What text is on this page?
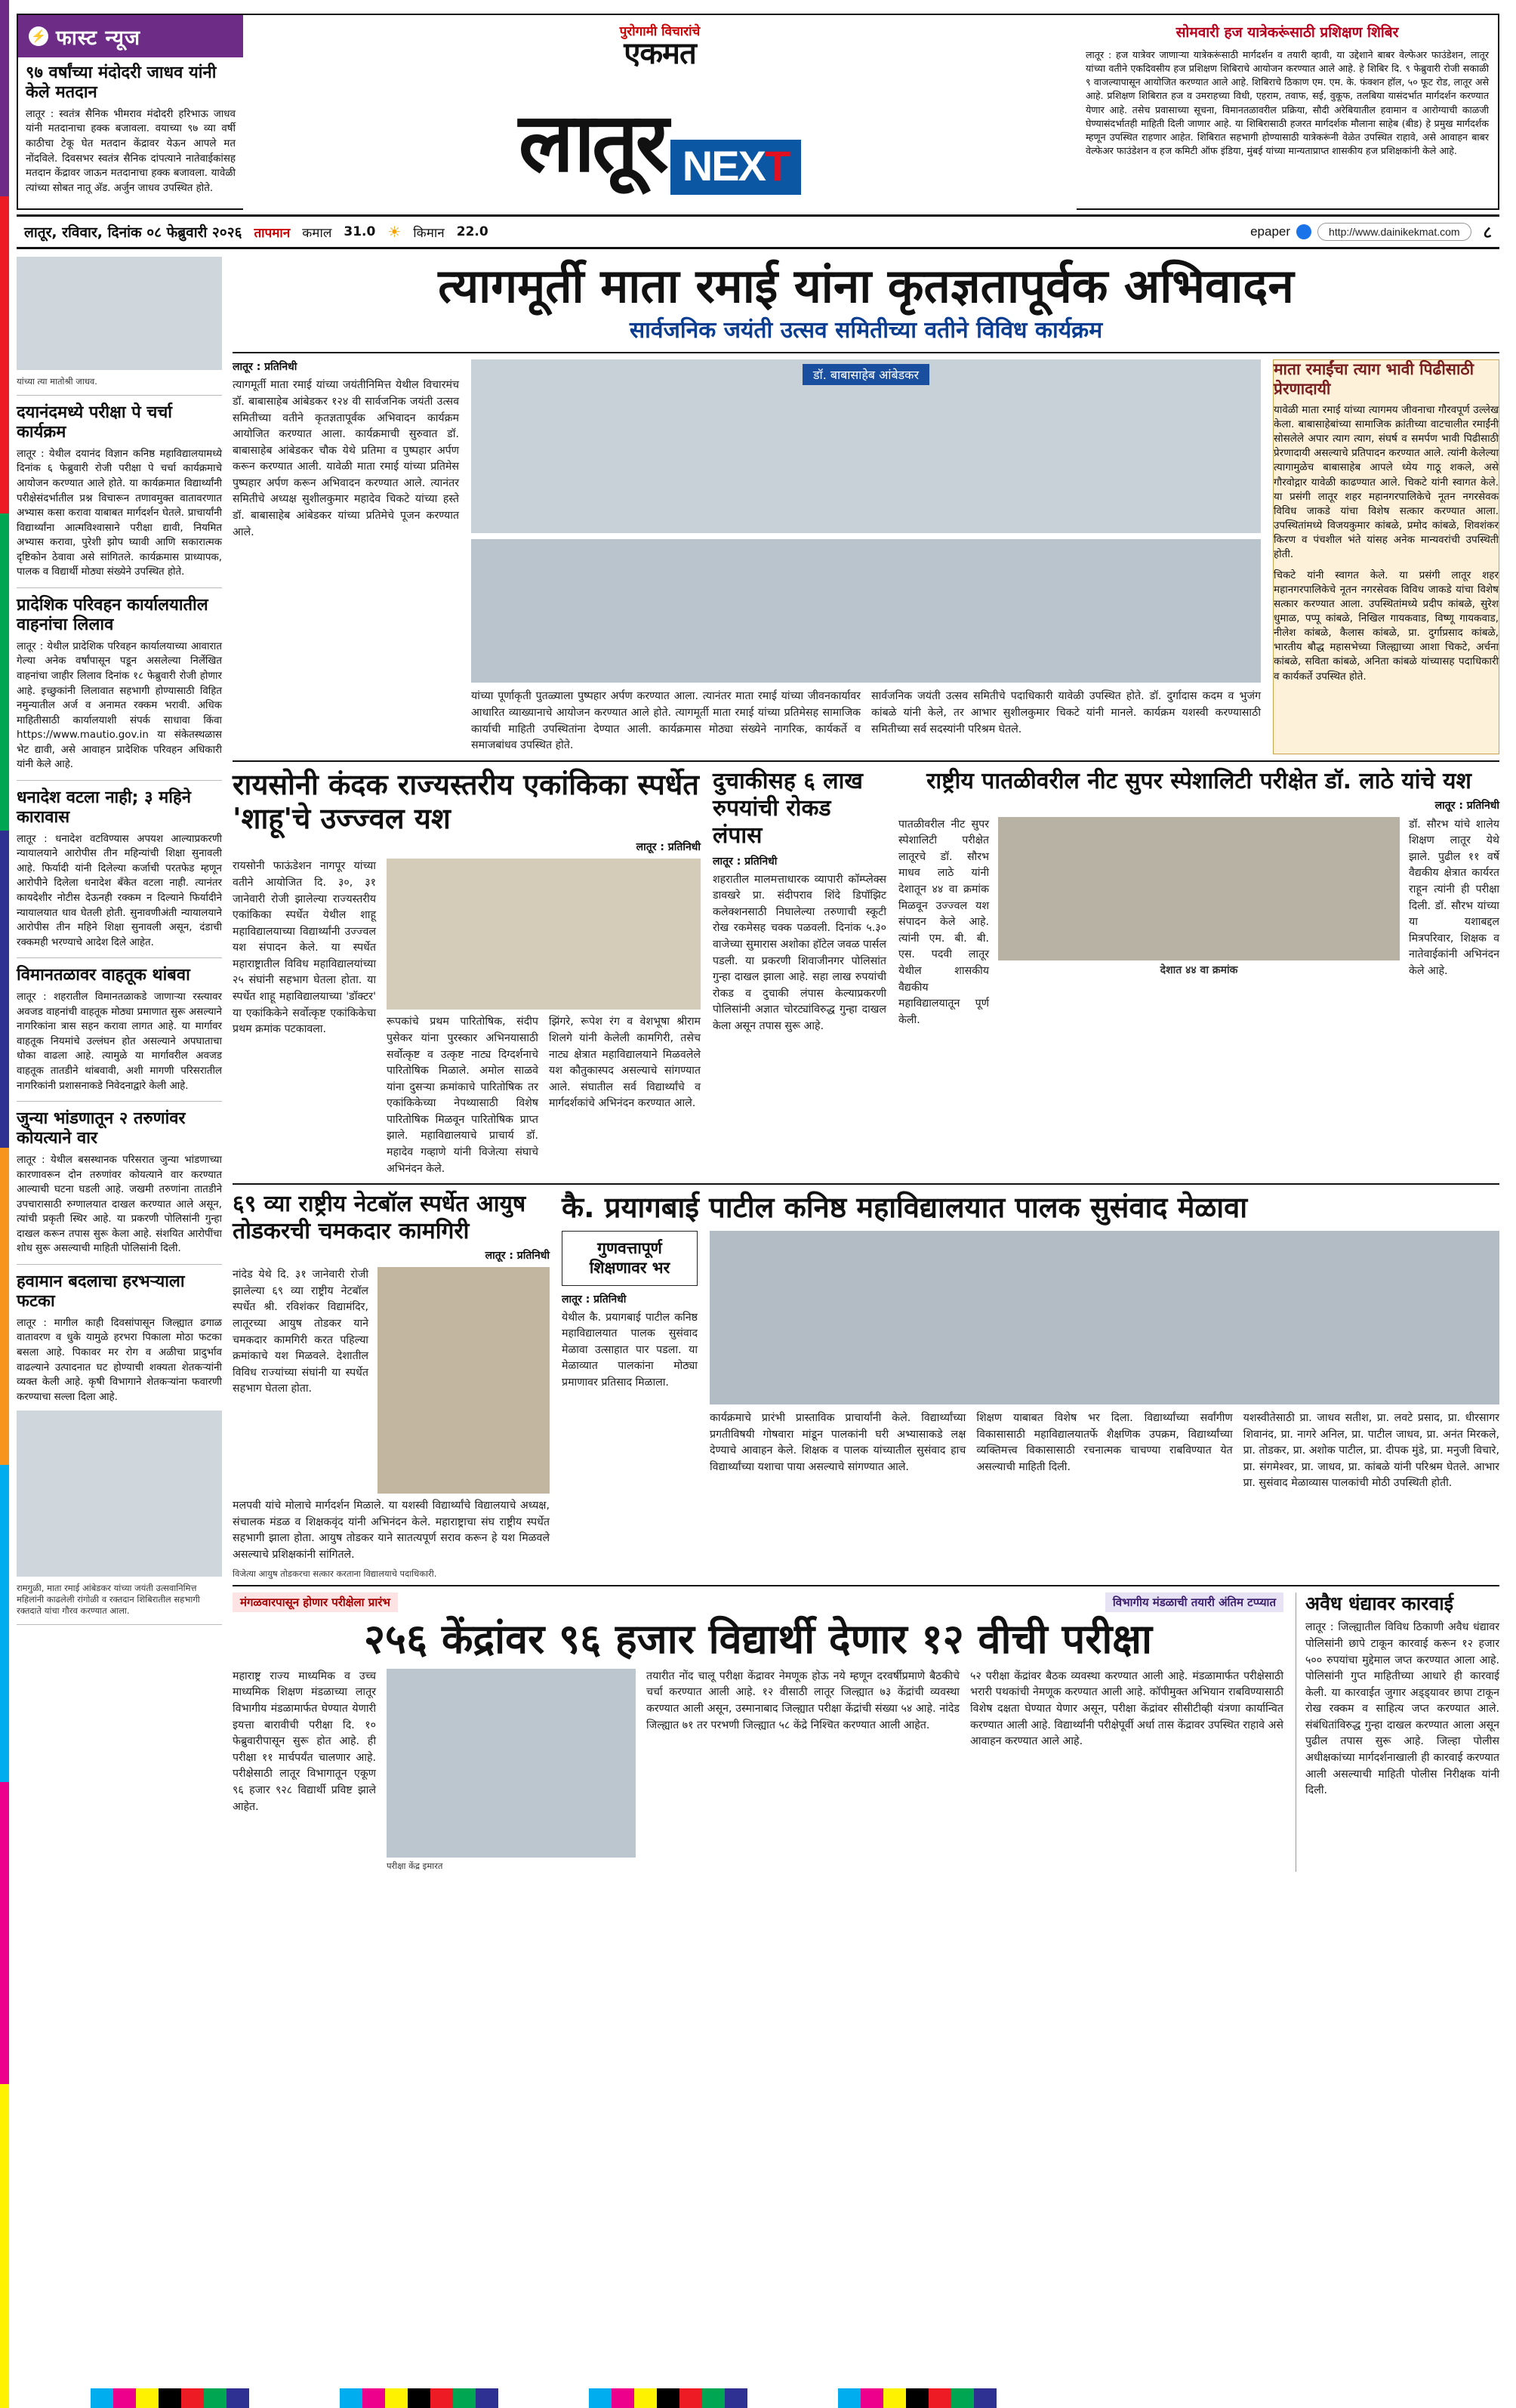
⚡ फास्ट न्यूज
९७ वर्षांच्या मंदोदरी जाधव यांनी केले मतदान
लातूर : स्वतंत्र सैनिक भीमराव मंदोदरी हरिभाऊ जाधव यांनी मतदानाचा हक्क बजावला. वयाच्या ९७ व्या वर्षी काठीचा टेकू घेत मतदान केंद्रावर येऊन आपले मत नोंदविले. दिवसभर स्वतंत्र सैनिक दांपत्याने नातेवाईकांसह मतदान केंद्रावर जाऊन मतदानाचा हक्क बजावला. यावेळी त्यांच्या सोबत नातू अ‍ॅड. अर्जुन जाधव उपस्थित होते.
पुरोगामी विचारांचे
एकमत
लातूर NEX T
सोमवारी हज यात्रेकरूंसाठी प्रशिक्षण शिबिर
लातूर : हज यात्रेवर जाणाऱ्या यात्रेकरूंसाठी मार्गदर्शन व तयारी व्हावी, या उद्देशाने बाबर वेल्फेअर फाउंडेशन, लातूर यांच्या वतीने एकदिवसीय हज प्रशिक्षण शिबिराचे आयोजन करण्यात आले आहे. हे शिबिर दि. ९ फेब्रुवारी रोजी सकाळी ९ वाजल्यापासून आयोजित करण्यात आले आहे. शिबिराचे ठिकाण एम. एम. के. फंक्शन हॉल, ५० फूट रोड, लातूर असे आहे. प्रशिक्षण शिबिरात हज व उमराहच्या विधी, एहराम, तवाफ, सई, वुकूफ, तलबिया यासंदर्भात मार्गदर्शन करण्यात येणार आहे. तसेच प्रवासाच्या सूचना, विमानतळावरील प्रक्रिया, सौदी अरेबियातील हवामान व आरोग्याची काळजी घेण्यासंदर्भातही माहिती दिली जाणार आहे. या शिबिरासाठी हजरत मार्गदर्शक मौलाना साहेब (बीड) हे प्रमुख मार्गदर्शक म्हणून उपस्थित राहणार आहेत. शिबिरात सहभागी होण्यासाठी यात्रेकरूंनी वेळेत उपस्थित राहावे, असे आवाहन बाबर वेल्फेअर फाउंडेशन व हज कमिटी ऑफ इंडिया, मुंबई यांच्या मान्यताप्राप्त शासकीय हज प्रशिक्षकांनी केले आहे.
लातूर, रविवार, दिनांक ०८ फेब्रुवारी २०२६ तापमान कमाल 31.0 ☀ किमान 22.0	epaper	http://www.dainikekmat.com	८
यांच्या त्या मातोश्री जाधव.
दयानंदमध्ये परीक्षा पे चर्चा कार्यक्रम
लातूर : येथील दयानंद विज्ञान कनिष्ठ महाविद्यालयामध्ये दिनांक ६ फेब्रुवारी रोजी परीक्षा पे चर्चा कार्यक्रमाचे आयोजन करण्यात आले होते. या कार्यक्रमात विद्यार्थ्यांनी परीक्षेसंदर्भातील प्रश्न विचारून तणावमुक्त वातावरणात अभ्यास कसा करावा याबाबत मार्गदर्शन घेतले. प्राचार्यांनी विद्यार्थ्यांना आत्मविश्वासाने परीक्षा द्यावी, नियमित अभ्यास करावा, पुरेशी झोप घ्यावी आणि सकारात्मक दृष्टिकोन ठेवावा असे सांगितले. कार्यक्रमास प्राध्यापक, पालक व विद्यार्थी मोठ्या संख्येने उपस्थित होते.
प्रादेशिक परिवहन कार्यालयातील वाहनांचा लिलाव
लातूर : येथील प्रादेशिक परिवहन कार्यालयाच्या आवारात गेल्या अनेक वर्षांपासून पडून असलेल्या निर्लेखित वाहनांचा जाहीर लिलाव दिनांक १८ फेब्रुवारी रोजी होणार आहे. इच्छुकांनी लिलावात सहभागी होण्यासाठी विहित नमुन्यातील अर्ज व अनामत रक्कम भरावी. अधिक माहितीसाठी कार्यालयाशी संपर्क साधावा किंवा https://www.mautio.gov.in या संकेतस्थळास भेट द्यावी, असे आवाहन प्रादेशिक परिवहन अधिकारी यांनी केले आहे.
धनादेश वटला नाही; ३ महिने कारावास
लातूर : धनादेश वटविण्यास अपयश आल्याप्रकरणी न्यायालयाने आरोपीस तीन महिन्यांची शिक्षा सुनावली आहे. फिर्यादी यांनी दिलेल्या कर्जाची परतफेड म्हणून आरोपीने दिलेला धनादेश बँकेत वटला नाही. त्यानंतर कायदेशीर नोटीस देऊनही रक्कम न दिल्याने फिर्यादीने न्यायालयात धाव घेतली होती. सुनावणीअंती न्यायालयाने आरोपीस तीन महिने शिक्षा सुनावली असून, दंडाची रक्कमही भरण्याचे आदेश दिले आहेत.
विमानतळावर वाहतूक थांबवा
लातूर : शहरातील विमानतळाकडे जाणाऱ्या रस्त्यावर अवजड वाहनांची वाहतूक मोठ्या प्रमाणात सुरू असल्याने नागरिकांना त्रास सहन करावा लागत आहे. या मार्गावर वाहतूक नियमांचे उल्लंघन होत असल्याने अपघाताचा धोका वाढला आहे. त्यामुळे या मार्गावरील अवजड वाहतूक तातडीने थांबवावी, अशी मागणी परिसरातील नागरिकांनी प्रशासनाकडे निवेदनाद्वारे केली आहे.
जुन्या भांडणातून २ तरुणांवर कोयत्याने वार
लातूर : येथील बसस्थानक परिसरात जुन्या भांडणाच्या कारणावरून दोन तरुणांवर कोयत्याने वार करण्यात आल्याची घटना घडली आहे. जखमी तरुणांना तातडीने उपचारासाठी रुग्णालयात दाखल करण्यात आले असून, त्यांची प्रकृती स्थिर आहे. या प्रकरणी पोलिसांनी गुन्हा दाखल करून तपास सुरू केला आहे. संशयित आरोपींचा शोध सुरू असल्याची माहिती पोलिसांनी दिली.
हवामान बदलाचा हरभऱ्याला फटका
लातूर : मागील काही दिवसांपासून जिल्ह्यात ढगाळ वातावरण व धुके यामुळे हरभरा पिकाला मोठा फटका बसला आहे. पिकावर मर रोग व अळीचा प्रादुर्भाव वाढल्याने उत्पादनात घट होण्याची शक्यता शेतकऱ्यांनी व्यक्त केली आहे. कृषी विभागाने शेतकऱ्यांना फवारणी करण्याचा सल्ला दिला आहे.
रामगुळी, माता रमाई आंबेडकर यांच्या जयंती उत्सवानिमित्त महिलांनी काढलेली रांगोळी व रक्तदान शिबिरातील सहभागी रक्तदाते यांचा गौरव करण्यात आला.
त्यागमूर्ती माता रमाई यांना कृतज्ञतापूर्वक अभिवादन
सार्वजनिक जयंती उत्सव समितीच्या वतीने विविध कार्यक्रम
लातूर : प्रतिनिधी
त्यागमूर्ती माता रमाई यांच्या जयंतीनिमित्त येथील विचारमंच डॉ. बाबासाहेब आंबेडकर १२४ वी सार्वजनिक जयंती उत्सव समितीच्या वतीने कृतज्ञतापूर्वक अभिवादन कार्यक्रम आयोजित करण्यात आला. कार्यक्रमाची सुरुवात डॉ. बाबासाहेब आंबेडकर चौक येथे प्रतिमा व पुष्पहार अर्पण करून करण्यात आली. यावेळी माता रमाई यांच्या प्रतिमेस पुष्पहार अर्पण करून अभिवादन करण्यात आले. त्यानंतर समितीचे अध्यक्ष सुशीलकुमार महादेव चिकटे यांच्या हस्ते डॉ. बाबासाहेब आंबेडकर यांच्या प्रतिमेचे पूजन करण्यात आले.
डॉ. बाबासाहेब आंबेडकर
यांच्या पूर्णाकृती पुतळ्याला पुष्पहार अर्पण करण्यात आला. त्यानंतर माता रमाई यांच्या जीवनकार्यावर आधारित व्याख्यानाचे आयोजन करण्यात आले होते. त्यागमूर्ती माता रमाई यांच्या प्रतिमेसह सामाजिक कार्याची माहिती उपस्थितांना देण्यात आली. कार्यक्रमास मोठ्या संख्येने नागरिक, कार्यकर्ते व समाजबांधव उपस्थित होते.
सार्वजनिक जयंती उत्सव समितीचे पदाधिकारी यावेळी उपस्थित होते. डॉ. दुर्गादास कदम व भुजंग कांबळे यांनी केले, तर आभार सुशीलकुमार चिकटे यांनी मानले. कार्यक्रम यशस्वी करण्यासाठी समितीच्या सर्व सदस्यांनी परिश्रम घेतले.
माता रमाईंचा त्याग भावी पिढीसाठी प्रेरणादायी
यावेळी माता रमाई यांच्या त्यागमय जीवनाचा गौरवपूर्ण उल्लेख केला. बाबासाहेबांच्या सामाजिक क्रांतीच्या वाटचालीत रमाईंनी सोसलेले अपार त्याग त्याग, संघर्ष व समर्पण भावी पिढीसाठी प्रेरणादायी असल्याचे प्रतिपादन करण्यात आले. त्यांनी केलेल्या त्यागामुळेच बाबासाहेब आपले ध्येय गाठू शकले, असे गौरवोद्गार यावेळी काढण्यात आले. चिकटे यांनी स्वागत केले. या प्रसंगी लातूर शहर महानगरपालिकेचे नूतन नगरसेवक विविध जाकडे यांचा विशेष सत्कार करण्यात आला. उपस्थितांमध्ये विजयकुमार कांबळे, प्रमोद कांबळे, शिवशंकर किरण व पंचशील भंते यांसह अनेक मान्यवरांची उपस्थिती होती.
चिकटे यांनी स्वागत केले. या प्रसंगी लातूर शहर महानगरपालिकेचे नूतन नगरसेवक विविध जाकडे यांचा विशेष सत्कार करण्यात आला. उपस्थितांमध्ये प्रदीप कांबळे, सुरेश धुमाळ, पप्पू कांबळे, निखिल गायकवाड, विष्णू गायकवाड, नीलेश कांबळे, कैलास कांबळे, प्रा. दुर्गाप्रसाद कांबळे, भारतीय बौद्ध महासभेच्या जिल्ह्याच्या आशा चिकटे, अर्चना कांबळे, सविता कांबळे, अनिता कांबळे यांच्यासह पदाधिकारी व कार्यकर्ते उपस्थित होते.
रायसोनी कंदक राज्यस्तरीय एकांकिका स्पर्धेत 'शाहू'चे उज्ज्वल यश
लातूर : प्रतिनिधी
रायसोनी फाऊंडेशन नागपूर यांच्या वतीने आयोजित दि. ३०, ३१ जानेवारी रोजी झालेल्या राज्यस्तरीय एकांकिका स्पर्धेत येथील शाहू महाविद्यालयाच्या विद्यार्थ्यांनी उज्ज्वल यश संपादन केले. या स्पर्धेत महाराष्ट्रातील विविध महाविद्यालयांच्या २५ संघांनी सहभाग घेतला होता. या स्पर्धेत शाहू महाविद्यालयाच्या 'डॉक्टर' या एकांकिकेने सर्वोत्कृष्ट एकांकिकेचा प्रथम क्रमांक पटकावला.
रूपकांचे प्रथम पारितोषिक, संदीप पुसेकर यांना पुरस्कार अभिनयासाठी सर्वोत्कृष्ट व उत्कृष्ट नाट्य दिग्दर्शनाचे पारितोषिक मिळाले. अमोल साळवे यांना दुसऱ्या क्रमांकाचे पारितोषिक तर एकांकिकेच्या नेपथ्यासाठी विशेष पारितोषिक मिळवून पारितोषिक प्राप्त झाले. महाविद्यालयाचे प्राचार्य डॉ. महादेव गव्हाणे यांनी विजेत्या संघाचे अभिनंदन केले.
झिंगरे, रूपेश रंग व वेशभूषा श्रीराम शिलगे यांनी केलेली कामगिरी, तसेच नाट्य क्षेत्रात महाविद्यालयाने मिळवलेले यश कौतुकास्पद असल्याचे सांगण्यात आले. संघातील सर्व विद्यार्थ्यांचे व मार्गदर्शकांचे अभिनंदन करण्यात आले.
दुचाकीसह ६ लाख रुपयांची रोकड लंपास
लातूर : प्रतिनिधी
शहरातील मालमत्ताधारक व्यापारी कॉम्प्लेक्स डावखरे प्रा. संदीपराव शिंदे डिपॉझिट कलेक्शनसाठी निघालेल्या तरुणाची स्कूटी रोख रकमेसह चक्क पळवली. दिनांक ५.३० वाजेच्या सुमारास अशोका हॉटेल जवळ पार्सल पडली. या प्रकरणी शिवाजीनगर पोलिसांत गुन्हा दाखल झाला आहे. सहा लाख रुपयांची रोकड व दुचाकी लंपास केल्याप्रकरणी पोलिसांनी अज्ञात चोरट्यांविरुद्ध गुन्हा दाखल केला असून तपास सुरू आहे.
राष्ट्रीय पातळीवरील नीट सुपर स्पेशालिटी परीक्षेत डॉ. लाठे यांचे यश
लातूर : प्रतिनिधी
पातळीवरील नीट सुपर स्पेशालिटी परीक्षेत लातूरचे डॉ. सौरभ माधव लाठे यांनी देशातून ४४ वा क्रमांक मिळवून उज्ज्वल यश संपादन केले आहे. त्यांनी एम. बी. बी. एस. पदवी लातूर येथील शासकीय वैद्यकीय महाविद्यालयातून पूर्ण केली.
देशात ४४ वा क्रमांक
डॉ. सौरभ यांचे शालेय शिक्षण लातूर येथे झाले. पुढील ११ वर्षे वैद्यकीय क्षेत्रात कार्यरत राहून त्यांनी ही परीक्षा दिली. डॉ. सौरभ यांच्या या यशाबद्दल मित्रपरिवार, शिक्षक व नातेवाईकांनी अभिनंदन केले आहे.
६९ व्या राष्ट्रीय नेटबॉल स्पर्धेत आयुष तोडकरची चमकदार कामगिरी
लातूर : प्रतिनिधी
नांदेड येथे दि. ३१ जानेवारी रोजी झालेल्या ६९ व्या राष्ट्रीय नेटबॉल स्पर्धेत श्री. रविशंकर विद्यामंदिर, लातूरच्या आयुष तोडकर याने चमकदार कामगिरी करत पहिल्या क्रमांकाचे यश मिळवले. देशातील विविध राज्यांच्या संघांनी या स्पर्धेत सहभाग घेतला होता.
मलपवी यांचे मोलाचे मार्गदर्शन मिळाले. या यशस्वी विद्यार्थ्यांचे विद्यालयाचे अध्यक्ष, संचालक मंडळ व शिक्षकवृंद यांनी अभिनंदन केले. महाराष्ट्राचा संघ राष्ट्रीय स्पर्धेत सहभागी झाला होता. आयुष तोडकर याने सातत्यपूर्ण सराव करून हे यश मिळवले असल्याचे प्रशिक्षकांनी सांगितले.
विजेत्या आयुष तोडकरचा सत्कार करताना विद्यालयाचे पदाधिकारी.
कै. प्रयागबाई पाटील कनिष्ठ महाविद्यालयात पालक सुसंवाद मेळावा
गुणवत्तापूर्ण शिक्षणावर भर
लातूर : प्रतिनिधी
येथील कै. प्रयागबाई पाटील कनिष्ठ महाविद्यालयात पालक सुसंवाद मेळावा उत्साहात पार पडला. या मेळाव्यात पालकांना मोठ्या प्रमाणावर प्रतिसाद मिळाला.
कार्यक्रमाचे प्रारंभी प्रास्ताविक प्राचार्यांनी केले. विद्यार्थ्यांच्या प्रगतीविषयी गोषवारा मांडून पालकांनी घरी अभ्यासाकडे लक्ष देण्याचे आवाहन केले. शिक्षक व पालक यांच्यातील सुसंवाद हाच विद्यार्थ्यांच्या यशाचा पाया असल्याचे सांगण्यात आले.
शिक्षण याबाबत विशेष भर दिला. विद्यार्थ्यांच्या सर्वांगीण विकासासाठी महाविद्यालयातर्फे शैक्षणिक उपक्रम, विद्यार्थ्यांच्या व्यक्तिमत्त्व विकासासाठी रचनात्मक चाचण्या राबविण्यात येत असल्याची माहिती दिली.
यशस्वीतेसाठी प्रा. जाधव सतीश, प्रा. लवटे प्रसाद, प्रा. धीरसागर शिवानंद, प्रा. नागरे अनिल, प्रा. पाटील जाधव, प्रा. अनंत मिरकले, प्रा. तोडकर, प्रा. अशोक पाटील, प्रा. दीपक मुंडे, प्रा. मनुजी विचारे, प्रा. संगमेश्वर, प्रा. जाधव, प्रा. कांबळे यांनी परिश्रम घेतले. आभार प्रा. सुसंवाद मेळाव्यास पालकांची मोठी उपस्थिती होती.
मंगळवारपासून होणार परीक्षेला प्रारंभ	विभागीय मंडळाची तयारी अंतिम टप्प्यात
२५६ केंद्रांवर ९६ हजार विद्यार्थी देणार १२ वीची परीक्षा
महाराष्ट्र राज्य माध्यमिक व उच्च माध्यमिक शिक्षण मंडळाच्या लातूर विभागीय मंडळामार्फत घेण्यात येणारी इयत्ता बारावीची परीक्षा दि. १० फेब्रुवारीपासून सुरू होत आहे. ही परीक्षा ११ मार्चपर्यंत चालणार आहे. परीक्षेसाठी लातूर विभागातून एकूण ९६ हजार ९२८ विद्यार्थी प्रविष्ट झाले आहेत.
परीक्षा केंद्र इमारत
तयारीत नोंद चालू परीक्षा केंद्रावर नेमणूक होऊ नये म्हणून दरवर्षीप्रमाणे बैठकीचे चर्चा करण्यात आली आहे. १२ वीसाठी लातूर जिल्ह्यात ७३ केंद्रांची व्यवस्था करण्यात आली असून, उस्मानाबाद जिल्ह्यात परीक्षा केंद्रांची संख्या ५४ आहे. नांदेड जिल्ह्यात ७१ तर परभणी जिल्ह्यात ५८ केंद्रे निश्चित करण्यात आली आहेत.
५२ परीक्षा केंद्रांवर बैठक व्यवस्था करण्यात आली आहे. मंडळामार्फत परीक्षेसाठी भरारी पथकांची नेमणूक करण्यात आली आहे. कॉपीमुक्त अभियान राबविण्यासाठी विशेष दक्षता घेण्यात येणार असून, परीक्षा केंद्रांवर सीसीटीव्ही यंत्रणा कार्यान्वित करण्यात आली आहे. विद्यार्थ्यांनी परीक्षेपूर्वी अर्धा तास केंद्रावर उपस्थित राहावे असे आवाहन करण्यात आले आहे.
अवैध धंद्यावर कारवाई
लातूर : जिल्ह्यातील विविध ठिकाणी अवैध धंद्यावर पोलिसांनी छापे टाकून कारवाई करून १२ हजार ५०० रुपयांचा मुद्देमाल जप्त करण्यात आला आहे. पोलिसांनी गुप्त माहितीच्या आधारे ही कारवाई केली. या कारवाईत जुगार अड्ड्यावर छापा टाकून रोख रक्कम व साहित्य जप्त करण्यात आले. संबंधितांविरुद्ध गुन्हा दाखल करण्यात आला असून पुढील तपास सुरू आहे. जिल्हा पोलीस अधीक्षकांच्या मार्गदर्शनाखाली ही कारवाई करण्यात आली असल्याची माहिती पोलीस निरीक्षक यांनी दिली.
